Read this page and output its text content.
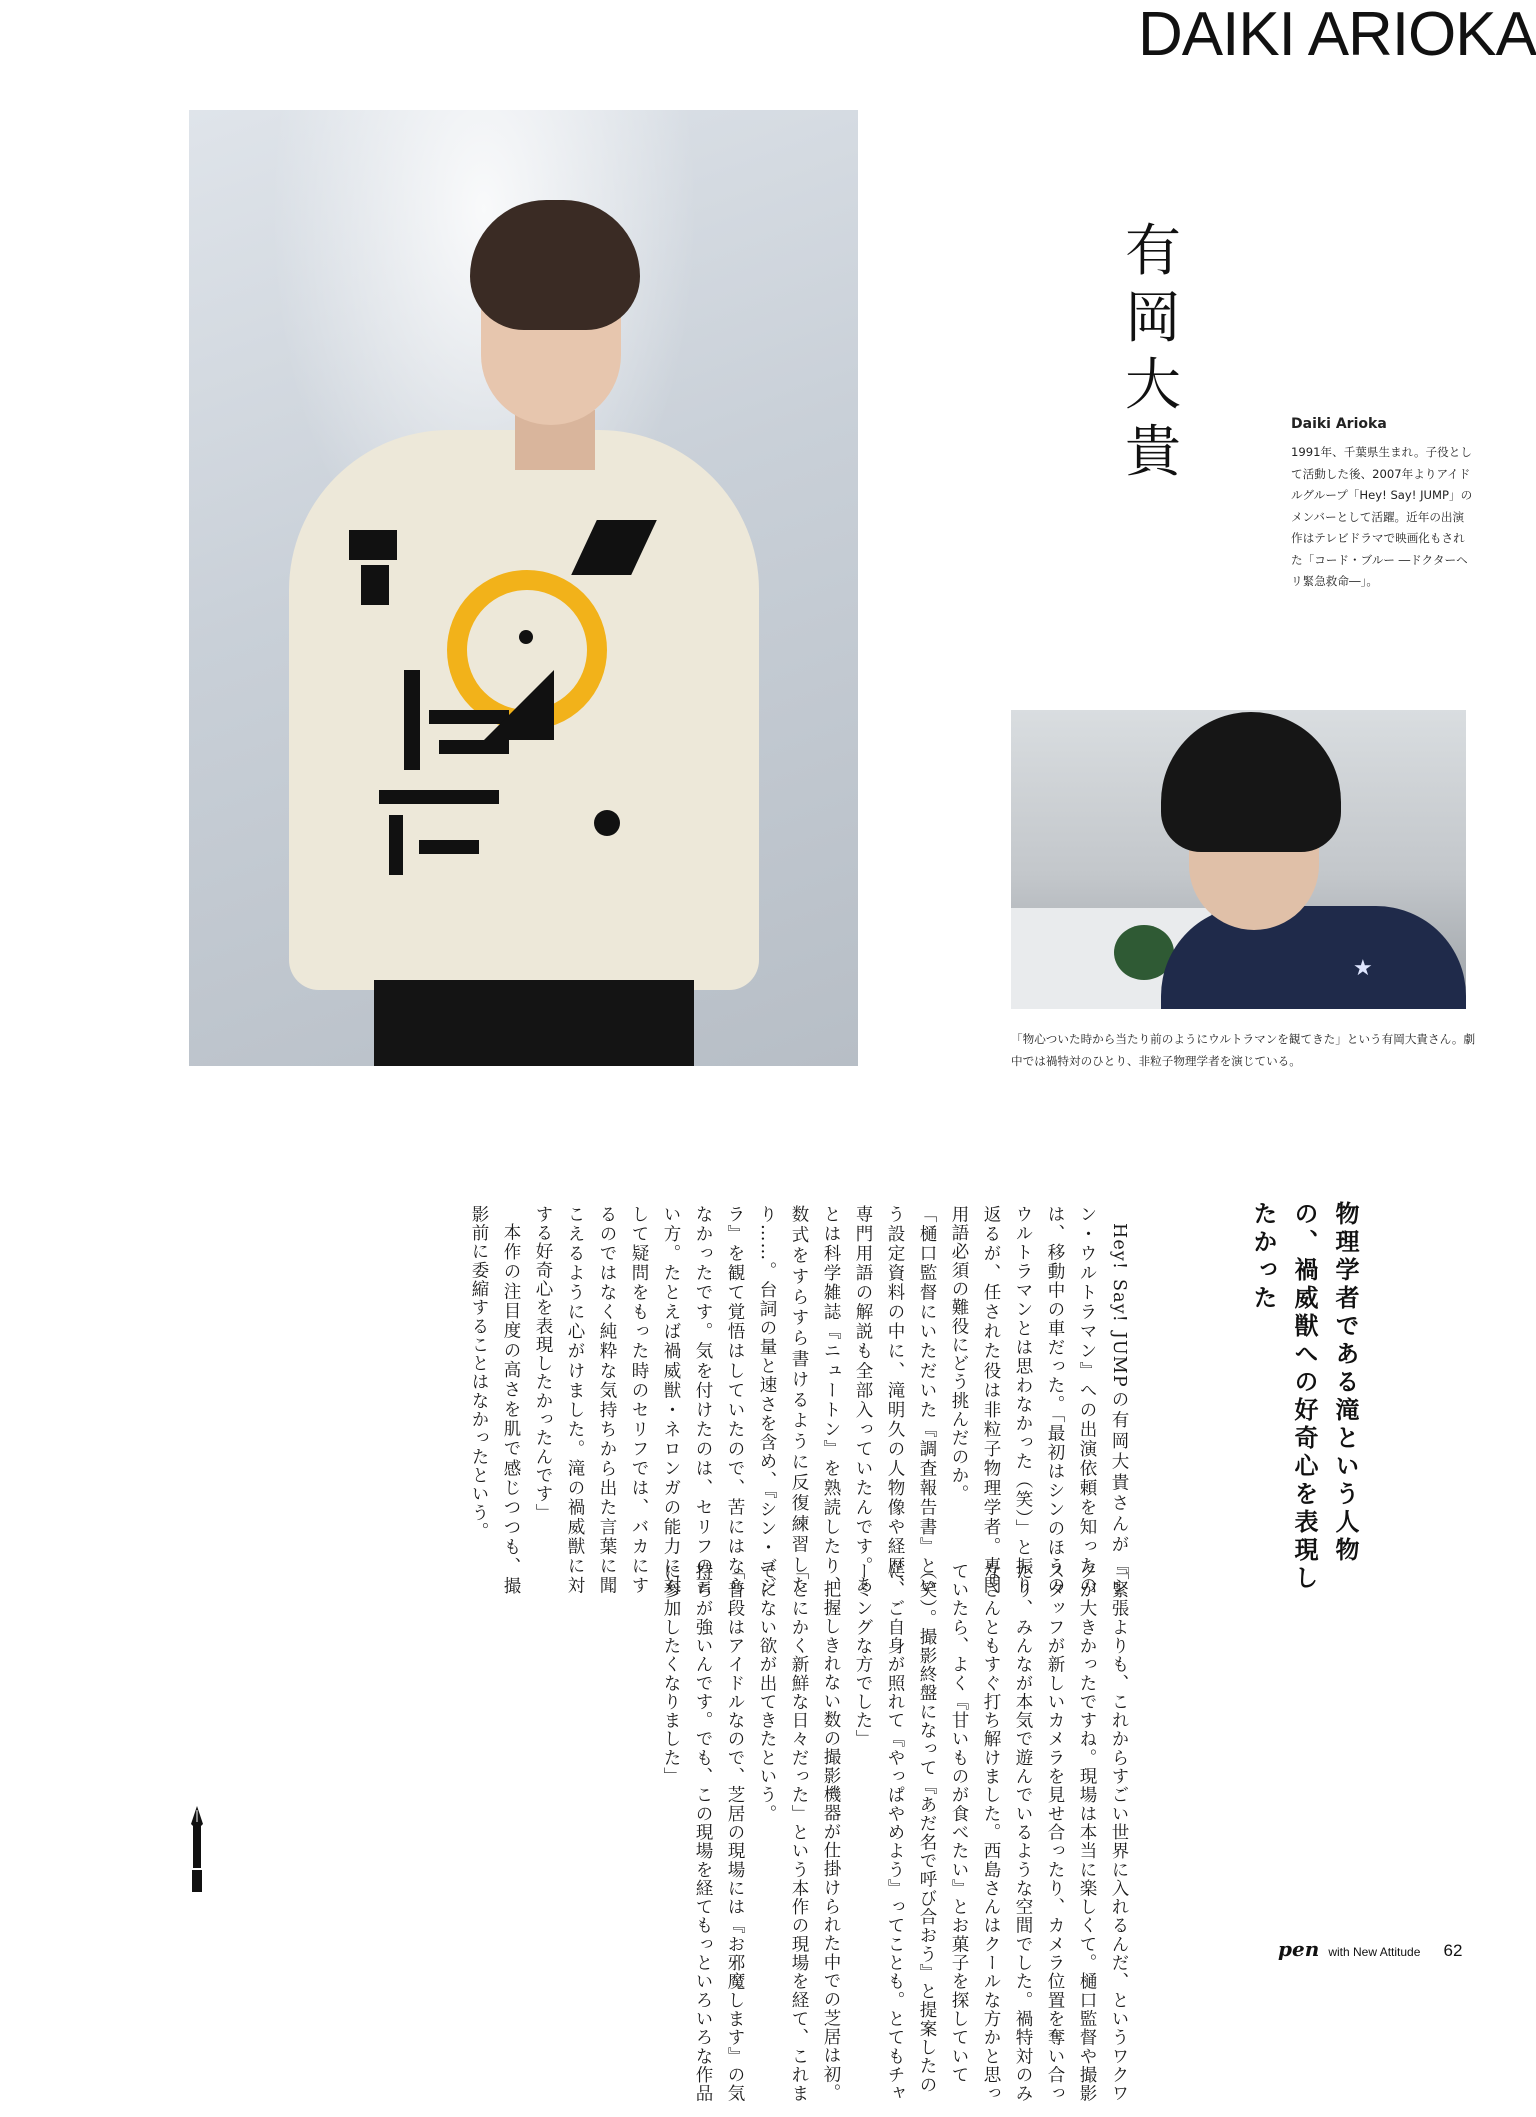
DAIKI ARIOKA
有岡大貴	Daiki Arioka
1991年、千葉県生まれ。子役として活動した後、2007年よりアイドルグループ「Hey! Say! JUMP」のメンバーとして活躍。近年の出演作はテレビドラマで映画化もされた「コード・ブルー ―ドクターヘリ緊急救命―」。
★
「物心ついた時から当たり前のようにウルトラマンを観てきた」という有岡大貴さん。劇中では禍特対のひとり、非粒子物理学者を演じている。
物理学者である滝という人物の、禍威獣への好奇心を表現したかった

Hey! Say! JUMPの有岡大貴さんが『シン・ウルトラマン』への出演依頼を知ったのは、移動中の車だった。「最初はシンのほうのウルトラマンとは思わなかった（笑）」と振り返るが、任された役は非粒子物理学者。専門用語必須の難役にどう挑んだのか。

「樋口監督にいただいた『調査報告書』という設定資料の中に、滝明久の人物像や経歴、専門用語の解説も全部入っていたんです。あとは科学雑誌『ニュートン』を熟読したり、数式をすらすら書けるように反復練習したり……。台詞の量と速さを含め、『シン・ゴジラ』を観て覚悟はしていたので、苦にはならなかったです。気を付けたのは、セリフの言い方。たとえば禍威獣・ネロンガの能力に対して疑問をもった時のセリフでは、バカにするのではなく純粋な気持ちから出た言葉に聞こえるように心がけました。滝の禍威獣に対する好奇心を表現したかったんです」

本作の注目度の高さを肌で感じつつも、撮影前に委縮することはなかったという。

「緊張よりも、これからすごい世界に入れるんだ、というワクワクが大きかったですね。現場は本当に楽しくて。樋口監督や撮影スタッフが新しいカメラを見せ合ったり、カメラ位置を奪い合ったり、みんなが本気で遊んでいるような空間でした。禍特対のみなさんともすぐ打ち解けました。西島さんはクールな方かと思っていたら、よく『甘いものが食べたい』とお菓子を探していて（笑）。撮影終盤になって『あだ名で呼び合おう』と提案したのに、ご自身が照れて『やっぱやめよう』ってことも。とてもチャーミングな方でした」

把握しきれない数の撮影機器が仕掛けられた中での芝居は初。「とにかく新鮮な日々だった」という本作の現場を経て、これまでにない欲が出てきたという。

「普段はアイドルなので、芝居の現場には『お邪魔します』の気持ちが強いんです。でも、この現場を経てもっといろいろな作品に参加したくなりました」

pen with New Attitude 62
